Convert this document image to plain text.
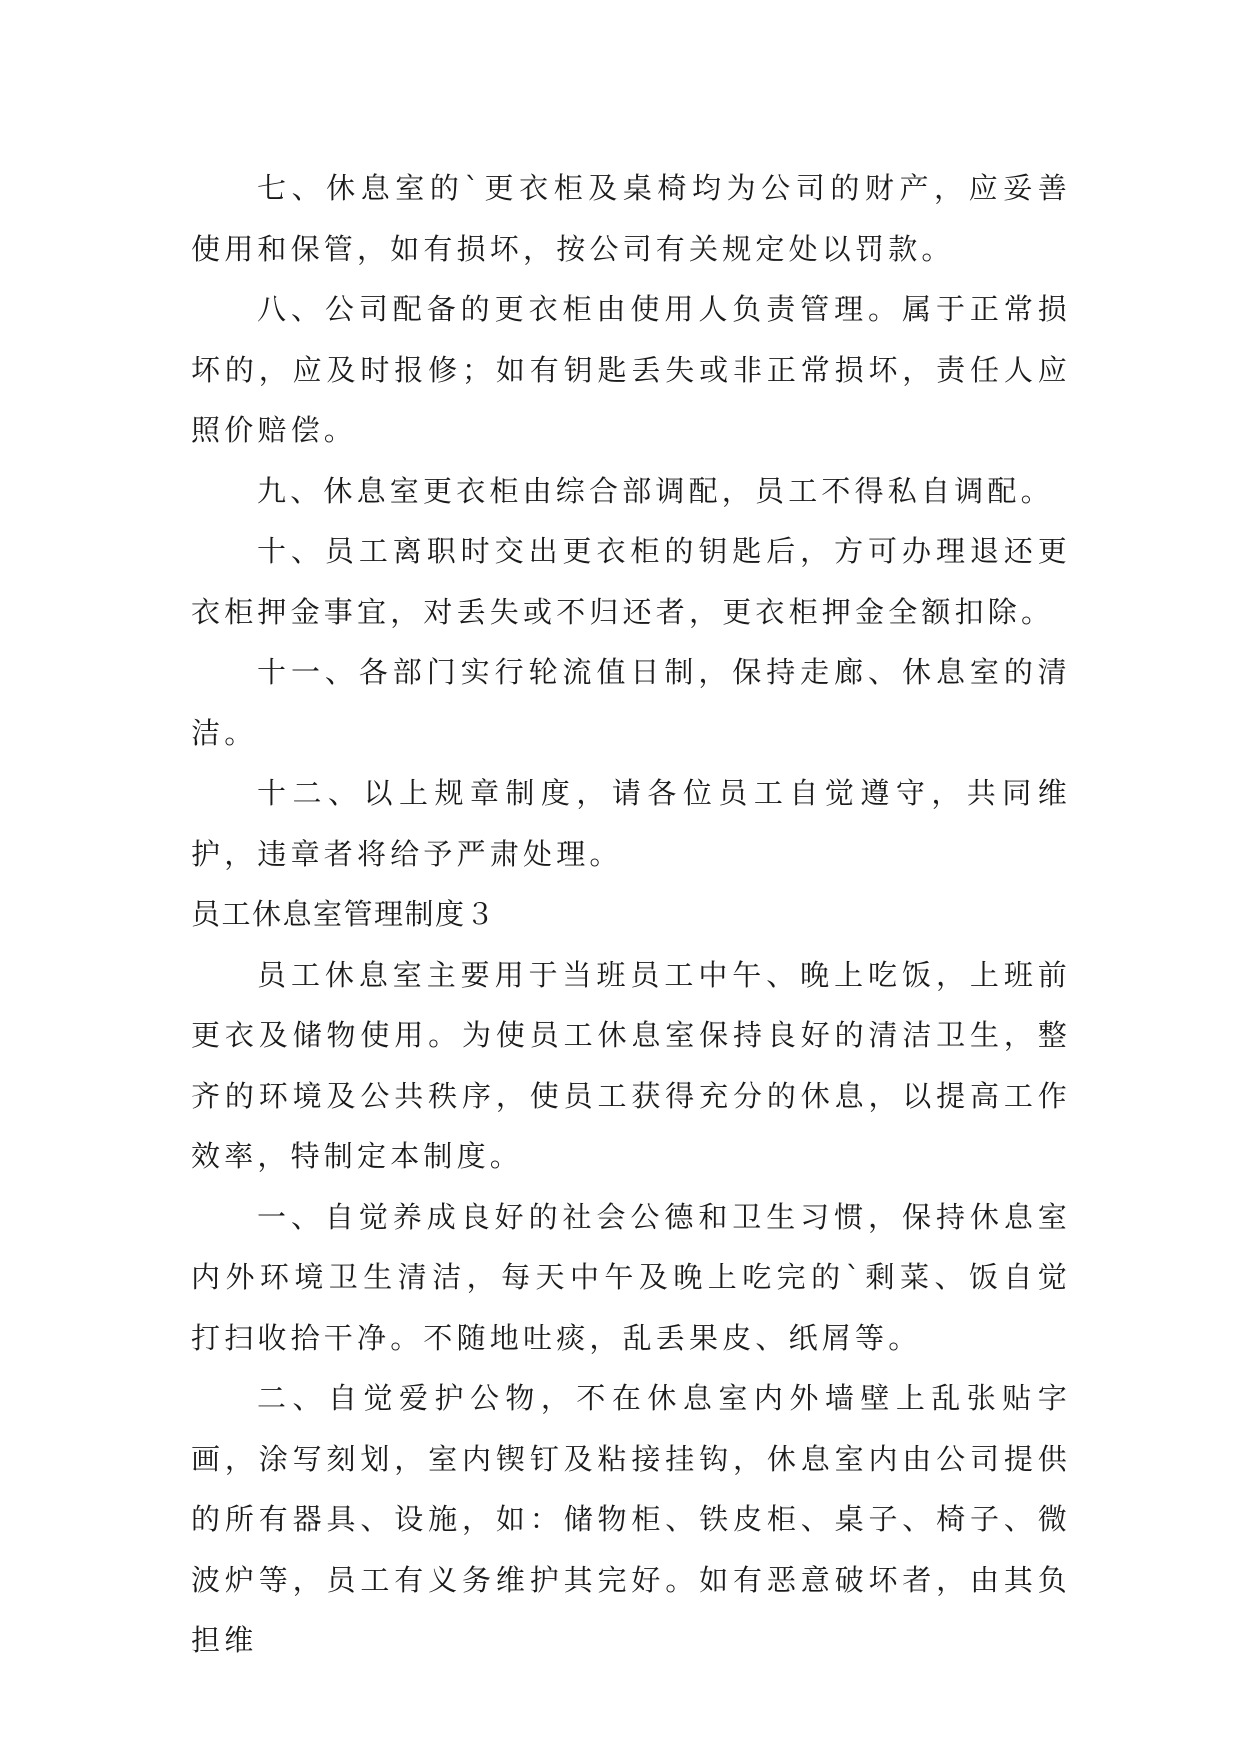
七、休息室的`更衣柜及桌椅均为公司的财产，应妥善使用和保管，如有损坏，按公司有关规定处以罚款。

八、公司配备的更衣柜由使用人负责管理。属于正常损坏的，应及时报修；如有钥匙丢失或非正常损坏，责任人应照价赔偿。

九、休息室更衣柜由综合部调配，员工不得私自调配。

十、员工离职时交出更衣柜的钥匙后，方可办理退还更衣柜押金事宜，对丢失或不归还者，更衣柜押金全额扣除。

十一、各部门实行轮流值日制，保持走廊、休息室的清洁。

十二、以上规章制度，请各位员工自觉遵守，共同维护，违章者将给予严肃处理。

员工休息室管理制度３

员工休息室主要用于当班员工中午、晚上吃饭，上班前更衣及储物使用。为使员工休息室保持良好的清洁卫生，整齐的环境及公共秩序，使员工获得充分的休息，以提高工作效率，特制定本制度。

一、自觉养成良好的社会公德和卫生习惯，保持休息室内外环境卫生清洁，每天中午及晚上吃完的`剩菜、饭自觉打扫收拾干净。不随地吐痰，乱丢果皮、纸屑等。

二、自觉爱护公物，不在休息室内外墙壁上乱张贴字画，涂写刻划，室内锲钉及粘接挂钩，休息室内由公司提供的所有器具、设施，如：储物柜、铁皮柜、桌子、椅子、微波炉等，员工有义务维护其完好。如有恶意破坏者，由其负担维
